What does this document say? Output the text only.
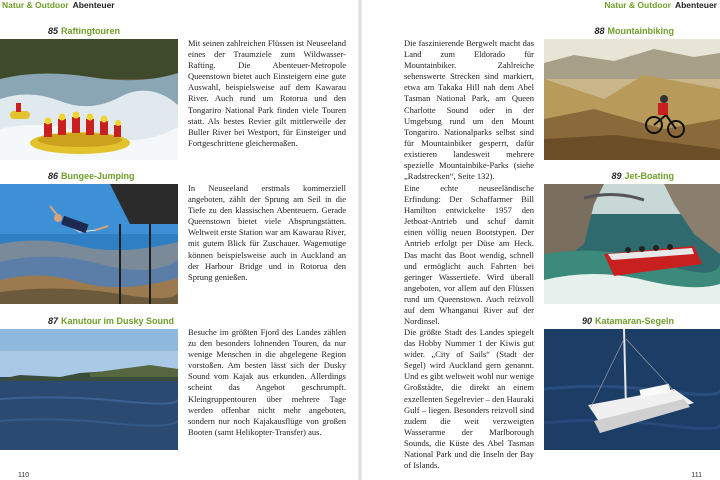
Natur & Outdoor Abenteuer	Natur & Outdoor Abenteuer
85 Raftingtouren
Mit seinen zahlreichen Flüssen ist Neuseeland eines der Traumziele zum Wildwasser-Rafting. Die Abenteuer-Metropole Queenstown bietet auch Einsteigern eine gute Auswahl, beispielsweise auf dem Kawarau River. Auch rund um Rotorua und den Tongariro National Park finden viele Touren statt. Als bestes Revier gilt mittlerweile der Buller River bei Westport, für Einsteiger und Fortgeschrittene gleichermaßen.
86 Bungee-Jumping
In Neuseeland erstmals kommerziell angeboten, zählt der Sprung am Seil in die Tiefe zu den klassischen Abenteuern. Gerade Queenstown bietet viele Absprungstätten. Weltweit erste Station war am Kawarau River, mit gutem Blick für Zuschauer. Wagemutige können beispielsweise auch in Auckland an der Harbour Bridge und in Rotorua den Sprung genießen.
87 Kanutour im Dusky Sound
Besuche im größten Fjord des Landes zählen zu den besonders lohnenden Touren, da nur wenige Menschen in die abgelegene Region vorstoßen. Am besten lässt sich der Dusky Sound vom Kajak aus erkunden. Allerdings scheint das Angebot geschrumpft. Kleingruppentouren über mehrere Tage werden offenbar nicht mehr angeboten, sondern nur noch Kajakausflüge von großen Booten (samt Helikopter-Transfer) aus.
110
Die faszinierende Bergwelt macht das Land zum Eldorado für Mountainbiker. Zahlreiche sehenswerte Strecken sind markiert, etwa am Takaka Hill nah dem Abel Tasman National Park, am Queen Charlotte Sound oder in der Umgebung rund um den Mount Tongariro. Nationalparks selbst sind für Mountainbiker gesperrt, dafür existieren landesweit mehrere spezielle Mountainbike-Parks (siehe „Radstrecken“, Seite 132).
88 Mountainbiking
Eine echte neuseeländische Erfindung: Der Schaffarmer Bill Hamilton entwickelte 1957 den Jetboat-Antrieb und schuf damit einen völlig neuen Bootstypen. Der Antrieb erfolgt per Düse am Heck. Das macht das Boot wendig, schnell und ermöglicht auch Fahrten bei geringer Wassertiefe. Wird überall angeboten, vor allem auf den Flüssen rund um Queenstown. Auch reizvoll auf dem Whanganui River auf der Nordinsel.
89 Jet-Boating
Die größte Stadt des Landes spiegelt das Hobby Nummer 1 der Kiwis gut wider. „City of Sails“ (Stadt der Segel) wird Auckland gern genannt. Und es gibt weltweit wohl nur wenige Großstädte, die direkt an einem exzellenten Segelrevier – den Hauraki Gulf – liegen. Besonders reizvoll sind zudem die weit verzweigten Wasserarme der Marlborough Sounds, die Küste des Abel Tasman National Park und die Inseln der Bay of Islands.
90 Katamaran-Segeln
111
